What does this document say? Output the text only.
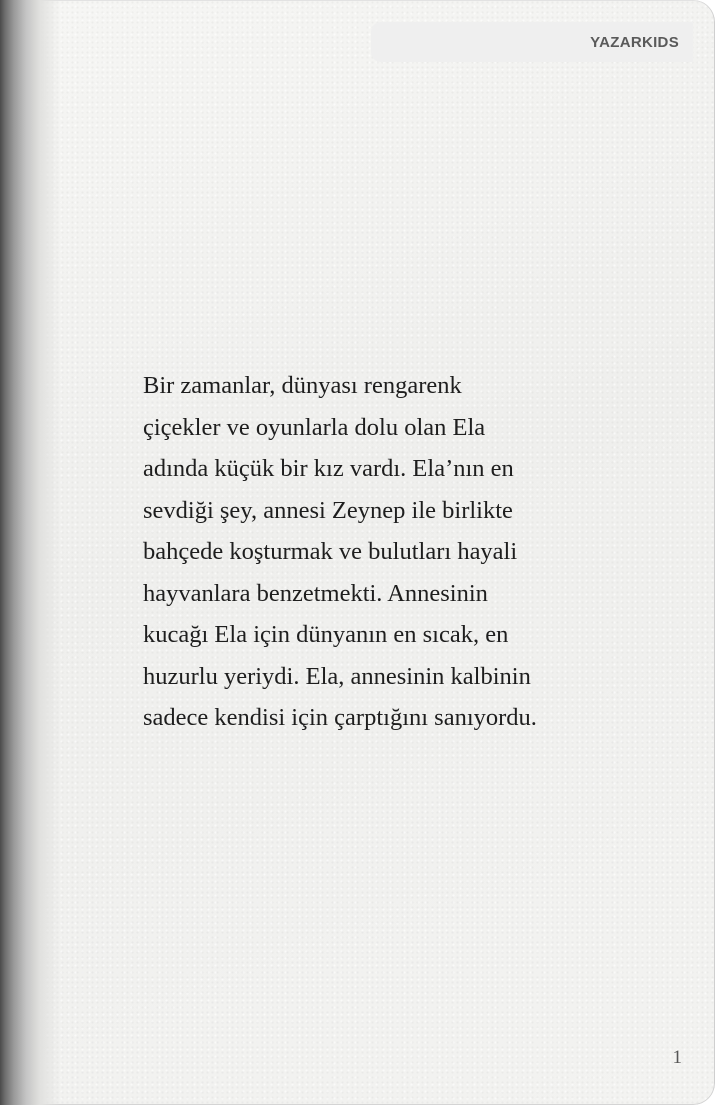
YAZARKIDS

Bir zamanlar, dünyası rengarenk
çiçekler ve oyunlarla dolu olan Ela
adında küçük bir kız vardı. Ela’nın en
sevdiği şey, annesi Zeynep ile birlikte
bahçede koşturmak ve bulutları hayali
hayvanlara benzetmekti. Annesinin
kucağı Ela için dünyanın en sıcak, en
huzurlu yeriydi. Ela, annesinin kalbinin
sadece kendisi için çarptığını sanıyordu.

1
